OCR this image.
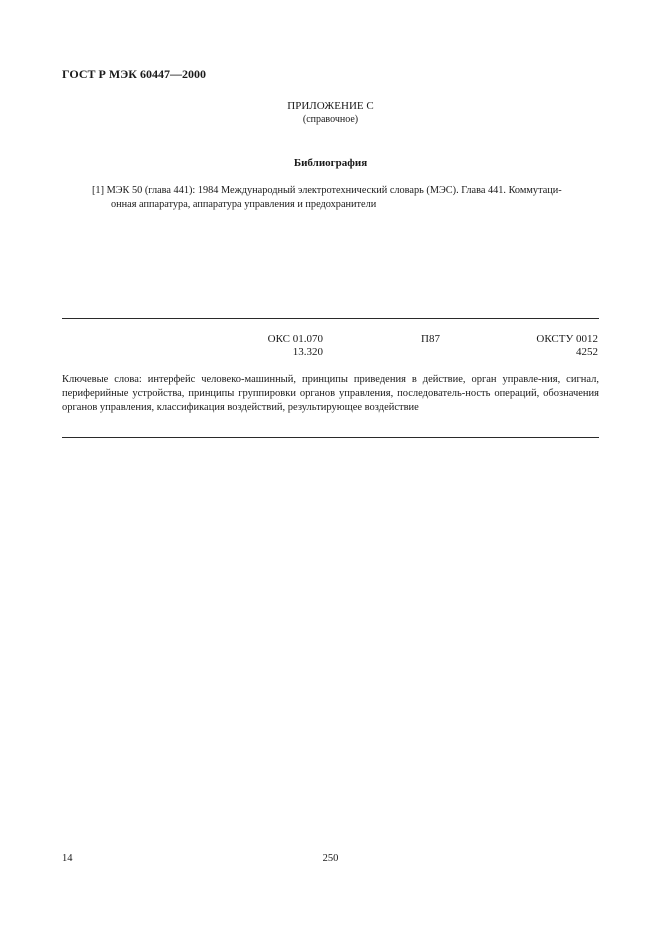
ГОСТ Р МЭК 60447—2000
ПРИЛОЖЕНИЕ С
(справочное)
Библиография
[1] МЭК 50 (глава 441): 1984 Международный электротехнический словарь (МЭС). Глава 441. Коммутаци-
онная аппаратура, аппаратура управления и предохранители
ОКС 01.070
13.320
П87	ОКСТУ 0012
4252
Ключевые слова: интерфейс человеко-машинный, принципы приведения в действие, орган управле-ния, сигнал, периферийные устройства, принципы группировки органов управления, последователь-ность операций, обозначения органов управления, классификация воздействий, результирующее воздействие
14	250
